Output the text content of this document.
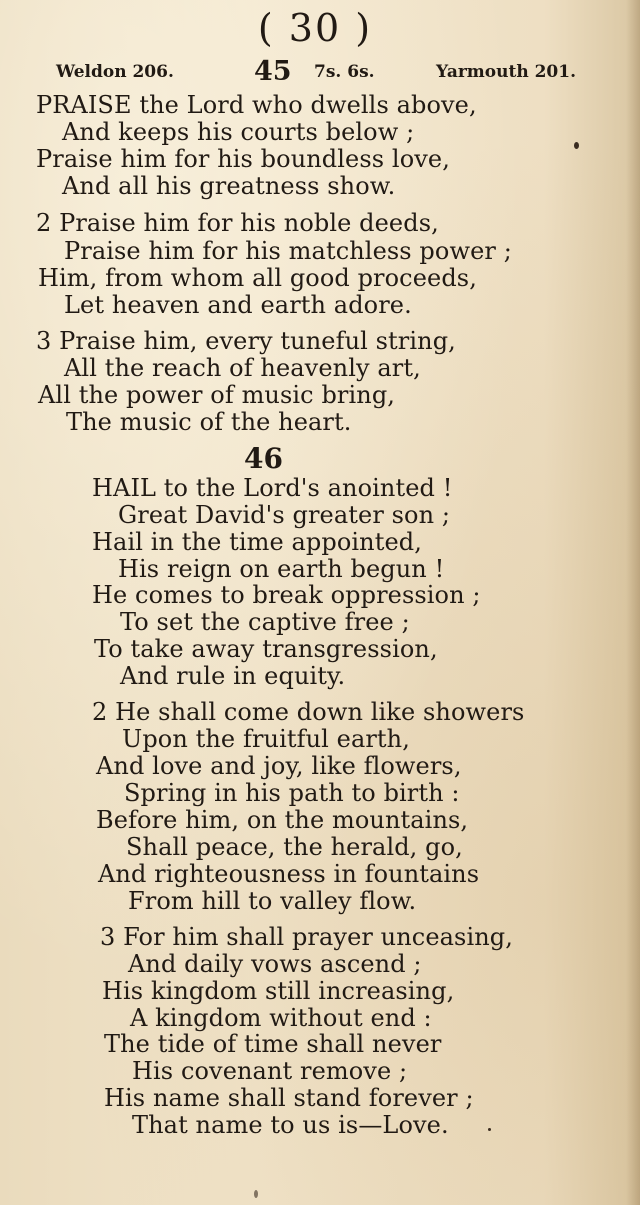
( 30 )
Weldon 206.	45 7s. 6s.	Yarmouth 201.
PRAISE the Lord who dwells above,
And keeps his courts below ;
Praise him for his boundless love,
And all his greatness show.
2 Praise him for his noble deeds,
Praise him for his matchless power ;
Him, from whom all good proceeds,
Let heaven and earth adore.
3 Praise him, every tuneful string,
All the reach of heavenly art,
All the power of music bring,
The music of the heart.
46
HAIL to the Lord's anointed !
Great David's greater son ;
Hail in the time appointed,
His reign on earth begun !
He comes to break oppression ;
To set the captive free ;
To take away transgression,
And rule in equity.
2 He shall come down like showers
Upon the fruitful earth,
And love and joy, like flowers,
Spring in his path to birth :
Before him, on the mountains,
Shall peace, the herald, go,
And righteousness in fountains
From hill to valley flow.
3 For him shall prayer unceasing,
And daily vows ascend ;
His kingdom still increasing,
A kingdom without end :
The tide of time shall never
His covenant remove ;
His name shall stand forever ;
That name to us is—Love.
